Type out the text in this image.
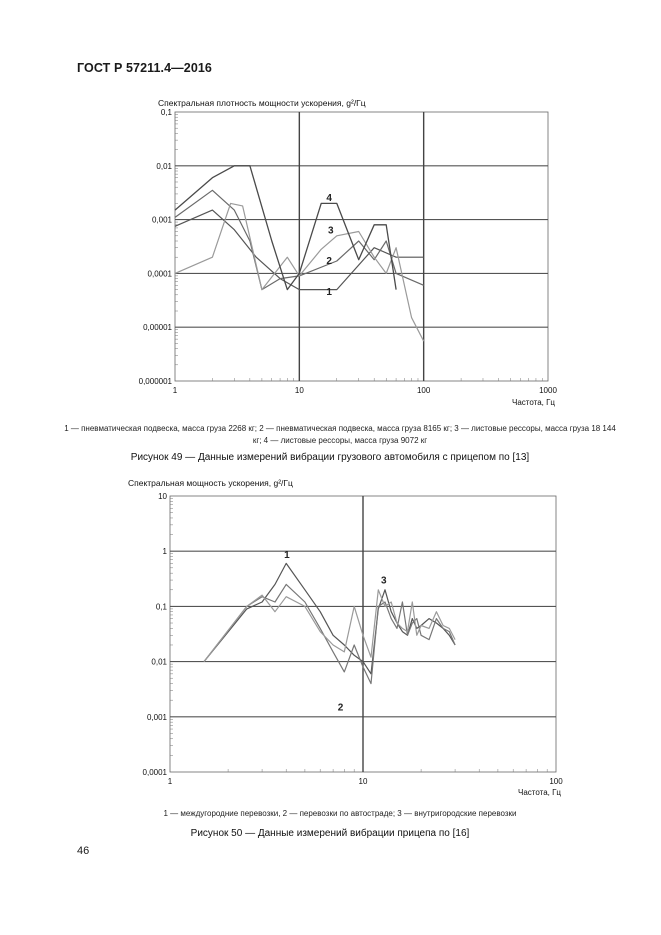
ГОСТ Р 57211.4—2016
Спектральная плотность мощности ускорения, g²/Гц
0,1
0,01
0,001
0,0001
0,00001
0,000001
1	10	100	1000
4
3
2
1
Частота, Гц
1 — пневматическая подвеска, масса груза 2268 кг; 2 — пневматическая подвеска, масса груза 8165 кг; 3 — листовые рессоры, масса груза 18 144 кг; 4 — листовые рессоры, масса груза 9072 кг
Рисунок 49 — Данные измерений вибрации грузового автомобиля с прицепом по [13]
Спектральная мощность ускорения, g²/Гц
10
1
0,1
0,01
0,001
0,0001
1	10	100
1
3
2
Частота, Гц
1 — междугородние перевозки, 2 — перевозки по автострадe; 3 — внутригородские перевозки
Рисунок 50 — Данные измерений вибрации прицепа по [16]
46
